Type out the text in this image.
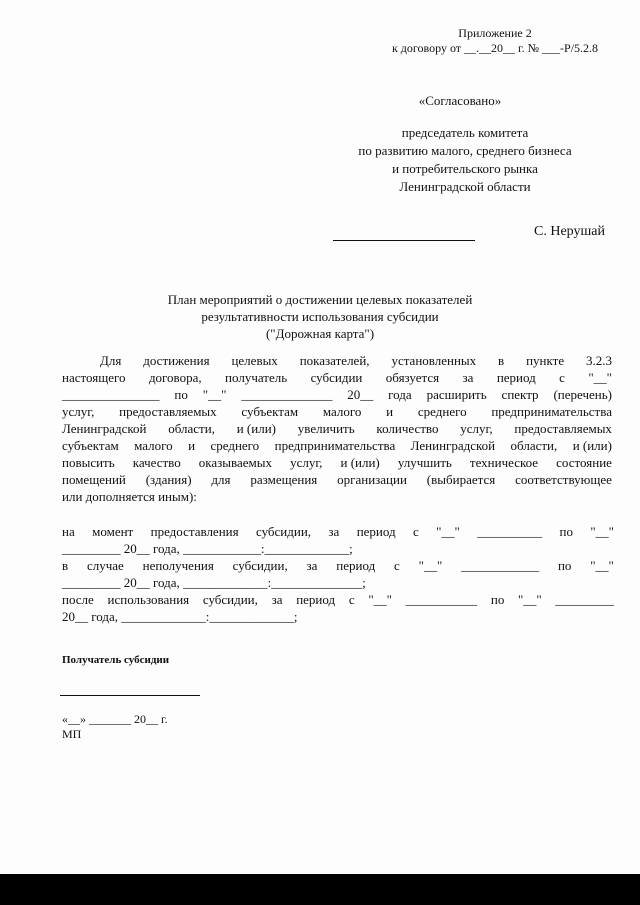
Приложение 2
к договору от __.__20__ г. № ___-P/5.2.8
«Согласовано»
председатель комитета
по развитию малого, среднего бизнеса
и потребительского рынка
Ленинградской области
С. Нерушай
План мероприятий о достижении целевых показателей
результативности использования субсидии
("Дорожная карта")
Для достижения целевых показателей, установленных в пункте 3.2.3
настоящего договора, получатель субсидии обязуется за период с "__"
_______________ по "__" ______________ 20__ года расширить спектр (перечень)
услуг, предоставляемых субъектам малого и среднего предпринимательства
Ленинградской области, и (или) увеличить количество услуг, предоставляемых
субъектам малого и среднего предпринимательства Ленинградской области, и (или)
повысить качество оказываемых услуг, и (или) улучшить техническое состояние
помещений (здания) для размещения организации (выбирается соответствующее
или дополняется иным):
на момент предоставления субсидии, за период с "__" __________ по "__"
_________ 20__ года, ____________:_____________;
в случае неполучения субсидии, за период с "__" ____________ по "__"
_________ 20__ года, _____________:______________;
после использования субсидии, за период с "__" ___________ по "__" _________
20__ года, _____________:_____________;
Получатель субсидии
«__» _______ 20__ г.
МП
